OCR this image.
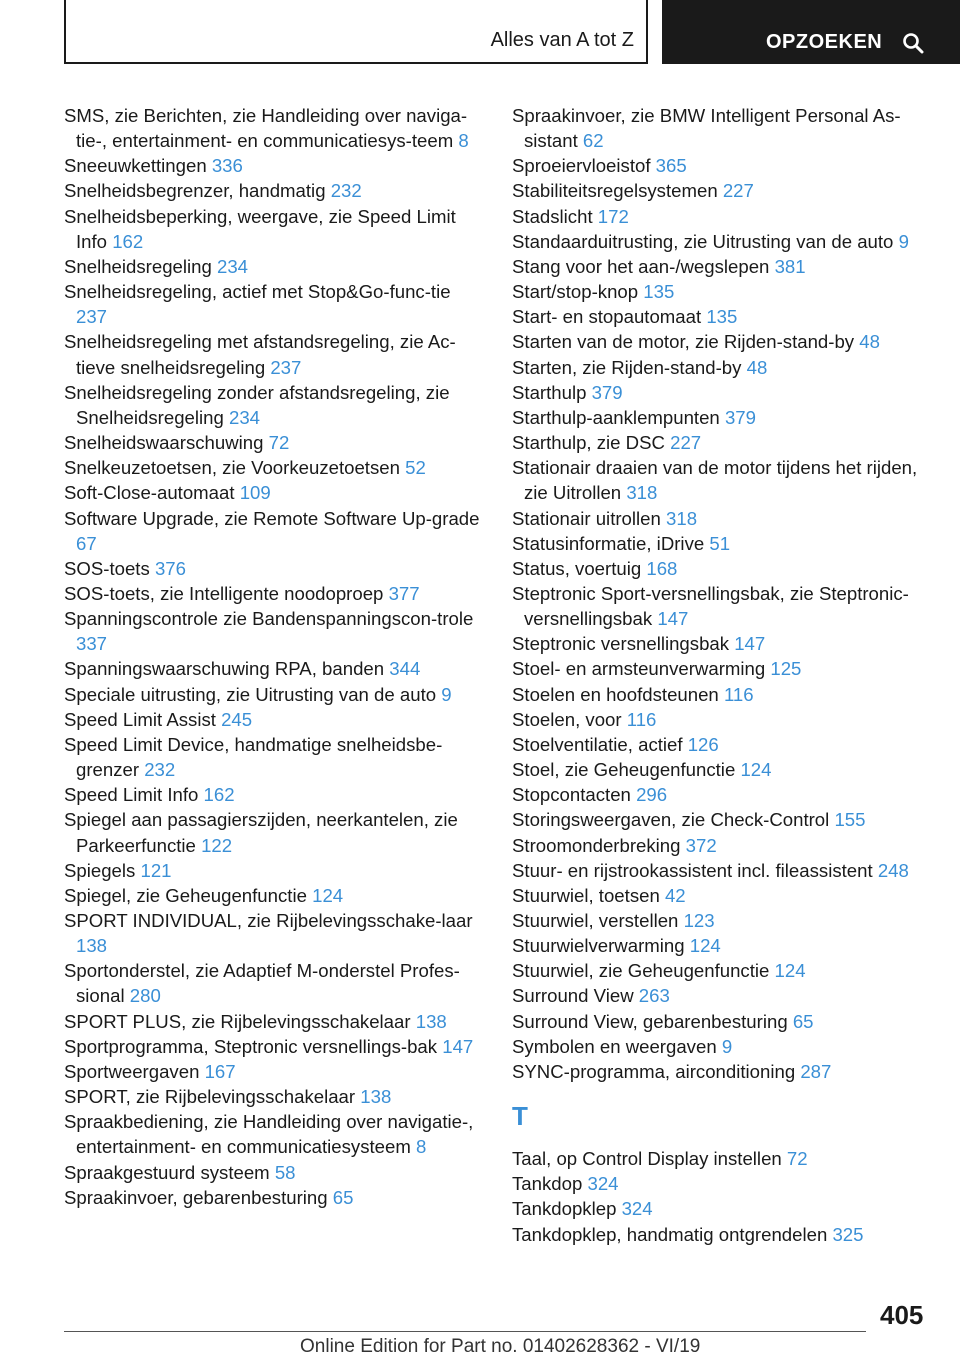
Alles van A tot Z	OPZOEKEN
SMS, zie Berichten, zie Handleiding over naviga-tie-, entertainment- en communicatiesys-teem 8
Sneeuwkettingen 336
Snelheidsbegrenzer, handmatig 232
Snelheidsbeperking, weergave, zie Speed Limit Info 162
Snelheidsregeling 234
Snelheidsregeling, actief met Stop&Go-func-tie 237
Snelheidsregeling met afstandsregeling, zie Ac-tieve snelheidsregeling 237
Snelheidsregeling zonder afstandsregeling, zie Snelheidsregeling 234
Snelheidswaarschuwing 72
Snelkeuzetoetsen, zie Voorkeuzetoetsen 52
Soft-Close-automaat 109
Software Upgrade, zie Remote Software Up-grade 67
SOS-toets 376
SOS-toets, zie Intelligente noodoproep 377
Spanningscontrole zie Bandenspanningscon-trole 337
Spanningswaarschuwing RPA, banden 344
Speciale uitrusting, zie Uitrusting van de auto 9
Speed Limit Assist 245
Speed Limit Device, handmatige snelheidsbe-grenzer 232
Speed Limit Info 162
Spiegel aan passagierszijden, neerkantelen, zie Parkeerfunctie 122
Spiegels 121
Spiegel, zie Geheugenfunctie 124
SPORT INDIVIDUAL, zie Rijbelevingsschake-laar 138
Sportonderstel, zie Adaptief M-onderstel Profes-sional 280
SPORT PLUS, zie Rijbelevingsschakelaar 138
Sportprogramma, Steptronic versnellings-bak 147
Sportweergaven 167
SPORT, zie Rijbelevingsschakelaar 138
Spraakbediening, zie Handleiding over navigatie-, entertainment- en communicatiesysteem 8
Spraakgestuurd systeem 58
Spraakinvoer, gebarenbesturing 65
Spraakinvoer, zie BMW Intelligent Personal As-sistant 62
Sproeiervloeistof 365
Stabiliteitsregelsystemen 227
Stadslicht 172
Standaarduitrusting, zie Uitrusting van de auto 9
Stang voor het aan-/wegslepen 381
Start/stop-knop 135
Start- en stopautomaat 135
Starten van de motor, zie Rijden-stand-by 48
Starten, zie Rijden-stand-by 48
Starthulp 379
Starthulp-aanklempunten 379
Starthulp, zie DSC 227
Stationair draaien van de motor tijdens het rijden, zie Uitrollen 318
Stationair uitrollen 318
Statusinformatie, iDrive 51
Status, voertuig 168
Steptronic Sport-versnellingsbak, zie Steptronic-versnellingsbak 147
Steptronic versnellingsbak 147
Stoel- en armsteunverwarming 125
Stoelen en hoofdsteunen 116
Stoelen, voor 116
Stoelventilatie, actief 126
Stoel, zie Geheugenfunctie 124
Stopcontacten 296
Storingsweergaven, zie Check-Control 155
Stroomonderbreking 372
Stuur- en rijstrookassistent incl. fileassistent 248
Stuurwiel, toetsen 42
Stuurwiel, verstellen 123
Stuurwielverwarming 124
Stuurwiel, zie Geheugenfunctie 124
Surround View 263
Surround View, gebarenbesturing 65
Symbolen en weergaven 9
SYNC-programma, airconditioning 287
T
Taal, op Control Display instellen 72
Tankdop 324
Tankdopklep 324
Tankdopklep, handmatig ontgrendelen 325
405
Online Edition for Part no. 01402628362 - VI/19
